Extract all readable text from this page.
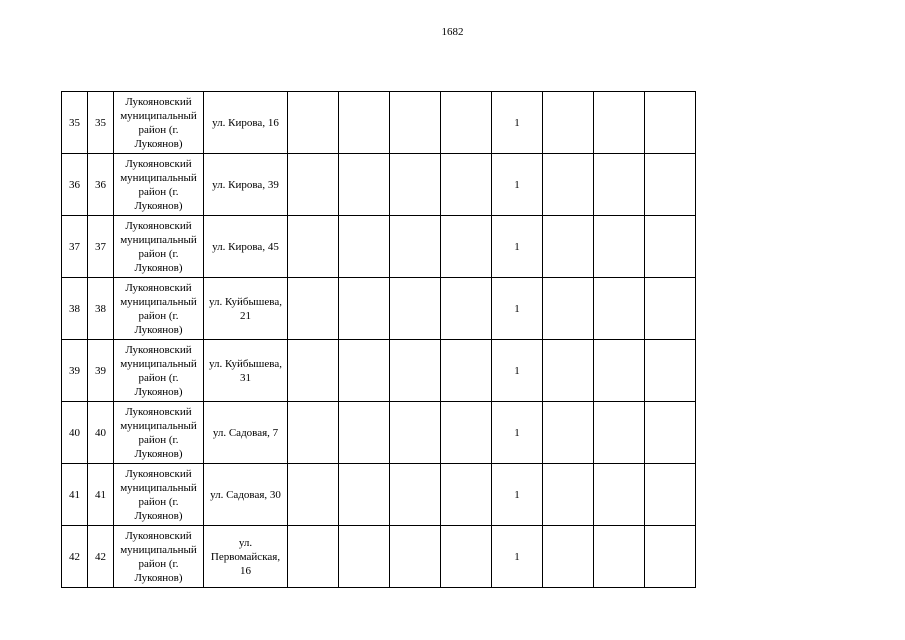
1682
35	35	Лукояновский
муниципальный
район (г.
Лукоянов)	ул. Кирова, 16					1			
36	36	Лукояновский
муниципальный
район (г.
Лукоянов)	ул. Кирова, 39					1			
37	37	Лукояновский
муниципальный
район (г.
Лукоянов)	ул. Кирова, 45					1			
38	38	Лукояновский
муниципальный
район (г.
Лукоянов)	ул. Куйбышева,
21					1			
39	39	Лукояновский
муниципальный
район (г.
Лукоянов)	ул. Куйбышева,
31					1			
40	40	Лукояновский
муниципальный
район (г.
Лукоянов)	ул. Садовая, 7					1			
41	41	Лукояновский
муниципальный
район (г.
Лукоянов)	ул. Садовая, 30					1			
42	42	Лукояновский
муниципальный
район (г.
Лукоянов)	ул.
Первомайская,
16					1			
